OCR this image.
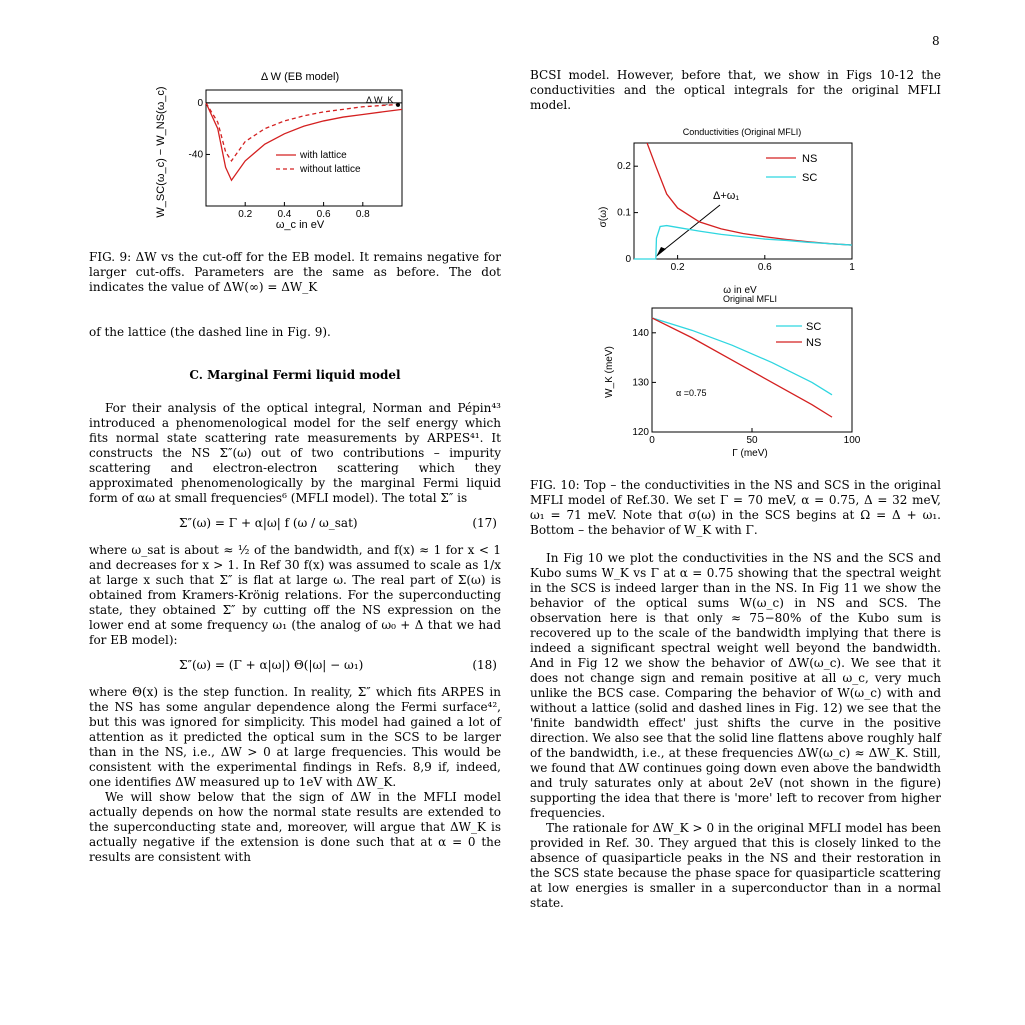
8
Δ W (EB model)
W_SC(ω_c) − W_NS(ω_c)
ω_c in eV
Δ W_K
0.2	0.4	0.6	0.8
0
-40	with lattice
without lattice

FIG. 9: ΔW vs the cut-off for the EB model. It remains negative for larger cut-offs. Parameters are the same as before. The dot indicates the value of ΔW(∞) = ΔW_K

of the lattice (the dashed line in Fig. 9).

C. Marginal Fermi liquid model

For their analysis of the optical integral, Norman and Pépin⁴³ introduced a phenomenological model for the self energy which fits normal state scattering rate measurements by ARPES⁴¹. It constructs the NS Σ″(ω) out of two contributions – impurity scattering and electron-electron scattering which they approximated phenomenologically by the marginal Fermi liquid form of αω at small frequencies⁶ (MFLI model). The total Σ″ is

Σ″(ω) = Γ + α|ω| f (ω / ω_sat)	(17)

where ω_sat is about ≈ ½ of the bandwidth, and f(x) ≈ 1 for x < 1 and decreases for x > 1. In Ref 30 f(x) was assumed to scale as 1/x at large x such that Σ″ is flat at large ω. The real part of Σ(ω) is obtained from Kramers-Krönig relations. For the superconducting state, they obtained Σ″ by cutting off the NS expression on the lower end at some frequency ω₁ (the analog of ω₀ + Δ that we had for EB model):

Σ″(ω) = (Γ + α|ω|) Θ(|ω| − ω₁)	(18)

where Θ(x) is the step function. In reality, Σ″ which fits ARPES in the NS has some angular dependence along the Fermi surface⁴², but this was ignored for simplicity. This model had gained a lot of attention as it predicted the optical sum in the SCS to be larger than in the NS, i.e., ΔW > 0 at large frequencies. This would be consistent with the experimental findings in Refs. 8,9 if, indeed, one identifies ΔW measured up to 1eV with ΔW_K.

We will show below that the sign of ΔW in the MFLI model actually depends on how the normal state results are extended to the superconducting state and, moreover, will argue that ΔW_K is actually negative if the extension is done such that at α = 0 the results are consistent with

BCSI model. However, before that, we show in Figs 10-12 the conductivities and the optical integrals for the original MFLI model.

Conductivities (Original MFLI)
σ(ω)
ω in eV
Δ+ω₁
0.2	0.6	1
0
0.1
0.2
NS
SC
Original MFLI
W_K (meV)
Γ (meV)
α =0.75
0	50	100
120
130
140
SC
NS

FIG. 10: Top – the conductivities in the NS and SCS in the original MFLI model of Ref.30. We set Γ = 70 meV, α = 0.75, Δ = 32 meV, ω₁ = 71 meV. Note that σ(ω) in the SCS begins at Ω = Δ + ω₁. Bottom – the behavior of W_K with Γ.

In Fig 10 we plot the conductivities in the NS and the SCS and Kubo sums W_K vs Γ at α = 0.75 showing that the spectral weight in the SCS is indeed larger than in the NS. In Fig 11 we show the behavior of the optical sums W(ω_c) in NS and SCS. The observation here is that only ≈ 75−80% of the Kubo sum is recovered up to the scale of the bandwidth implying that there is indeed a significant spectral weight well beyond the bandwidth. And in Fig 12 we show the behavior of ΔW(ω_c). We see that it does not change sign and remain positive at all ω_c, very much unlike the BCS case. Comparing the behavior of W(ω_c) with and without a lattice (solid and dashed lines in Fig. 12) we see that the 'finite bandwidth effect' just shifts the curve in the positive direction. We also see that the solid line flattens above roughly half of the bandwidth, i.e., at these frequencies ΔW(ω_c) ≈ ΔW_K. Still, we found that ΔW continues going down even above the bandwidth and truly saturates only at about 2eV (not shown in the figure) supporting the idea that there is 'more' left to recover from higher frequencies.

The rationale for ΔW_K > 0 in the original MFLI model has been provided in Ref. 30. They argued that this is closely linked to the absence of quasiparticle peaks in the NS and their restoration in the SCS state because the phase space for quasiparticle scattering at low energies is smaller in a superconductor than in a normal state.
